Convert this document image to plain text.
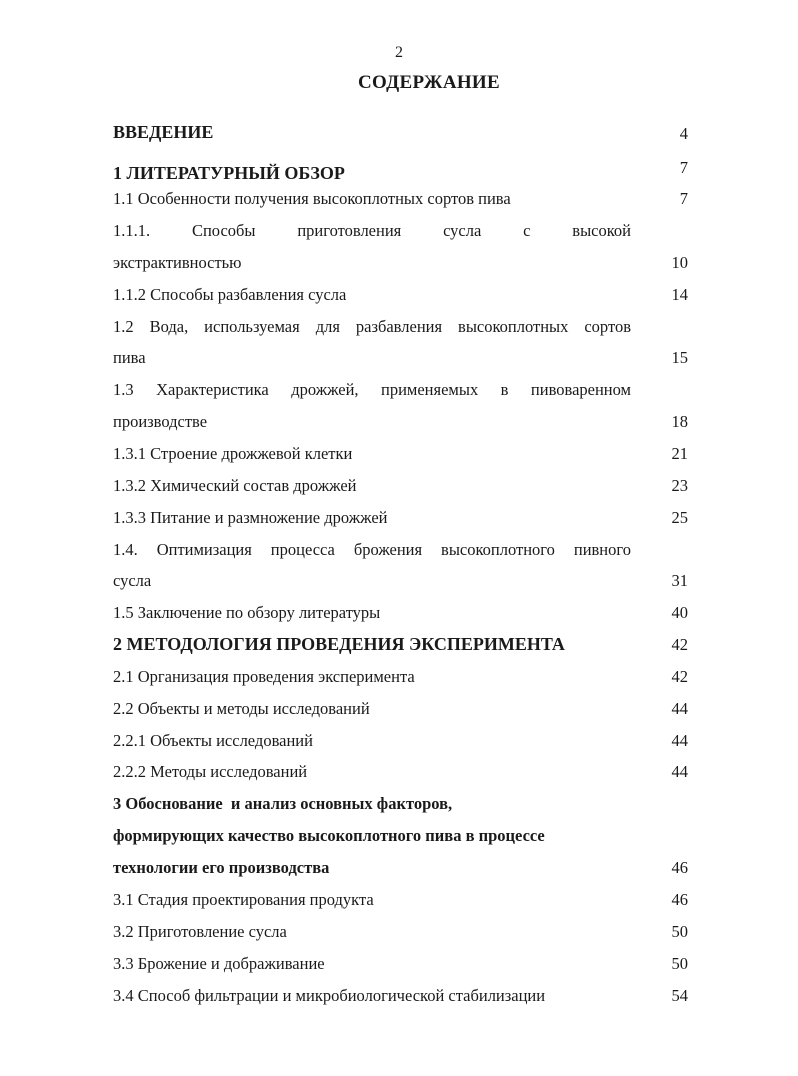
2
СОДЕРЖАНИЕ
ВВЕДЕНИЕ	4
1 ЛИТЕРАТУРНЫЙ ОБЗОР	7
1.1 Особенности получения высокоплотных сортов пива	7
1.1.1. Способы приготовления сусла с высокой
экстрактивностью	10
1.1.2 Способы разбавления сусла	14
1.2 Вода, используемая для разбавления высокоплотных сортов
пива	15
1.3 Характеристика дрожжей, применяемых в пивоваренном
производстве	18
1.3.1 Строение дрожжевой клетки	21
1.3.2 Химический состав дрожжей	23
1.3.3 Питание и размножение дрожжей	25
1.4. Оптимизация процесса брожения высокоплотного пивного
сусла	31
1.5 Заключение по обзору литературы	40
2 МЕТОДОЛОГИЯ ПРОВЕДЕНИЯ ЭКСПЕРИМЕНТА	42
2.1 Организация проведения эксперимента	42
2.2 Объекты и методы исследований	44
2.2.1 Объекты исследований	44
2.2.2 Методы исследований	44
3 Обоснование  и анализ основных факторов,
формирующих качество высокоплотного пива в процессе
технологии его производства	46
3.1 Стадия проектирования продукта	46
3.2 Приготовление сусла	50
3.3 Брожение и дображивание	50
3.4 Способ фильтрации и микробиологической стабилизации	54
